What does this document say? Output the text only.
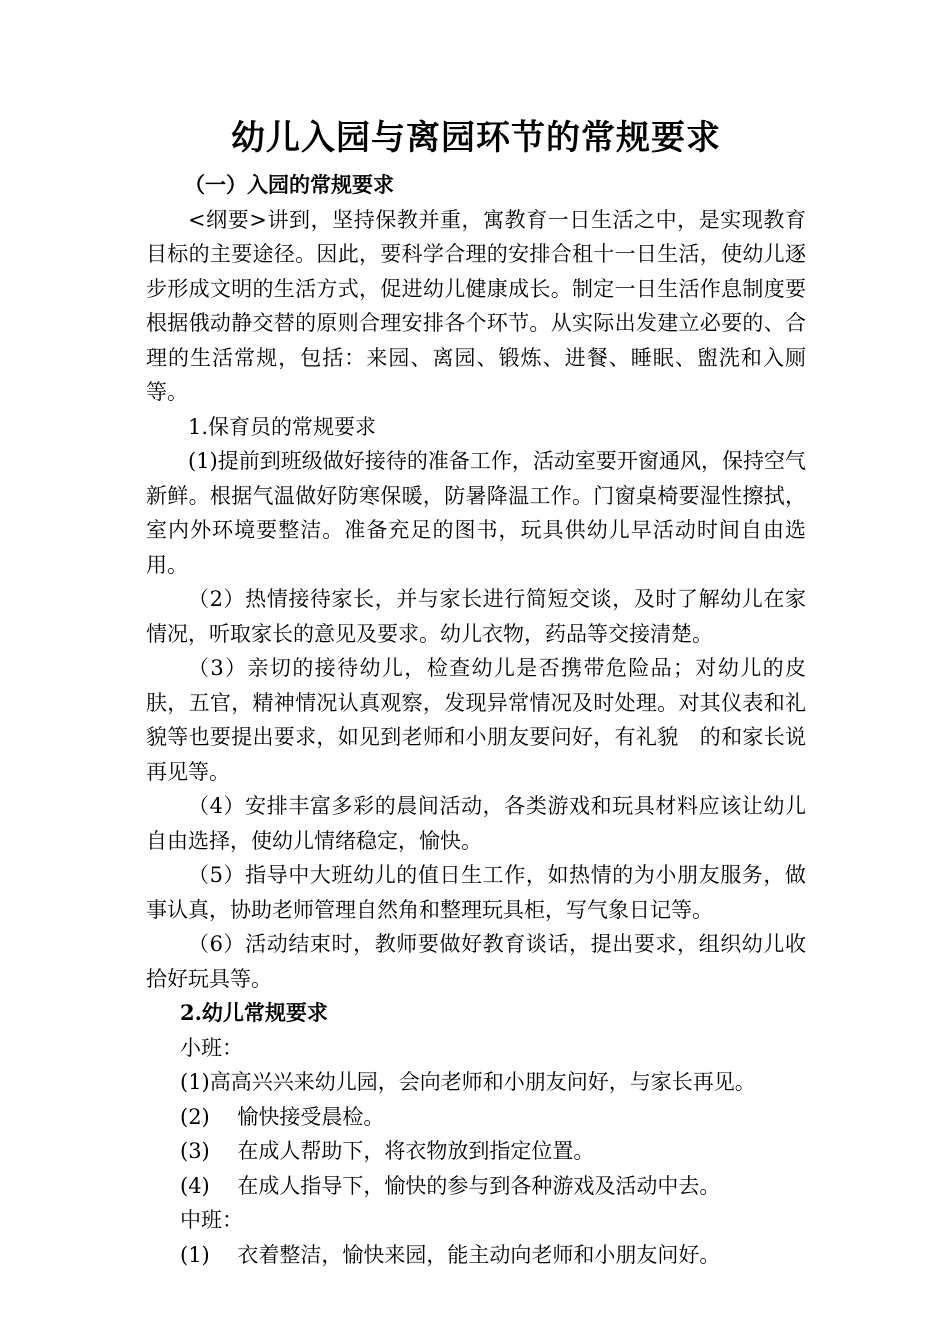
幼儿入园与离园环节的常规要求
（一）入园的常规要求

<纲要>讲到，坚持保教并重，寓教育一日生活之中，是实现教育目标的主要途径。因此，要科学合理的安排合租十一日生活，使幼儿逐步形成文明的生活方式，促进幼儿健康成长。制定一日生活作息制度要根据俄动静交替的原则合理安排各个环节。从实际出发建立必要的、合理的生活常规，包括：来园、离园、锻炼、进餐、睡眠、盥洗和入厕等。

1.保育员的常规要求

(1)提前到班级做好接待的准备工作，活动室要开窗通风，保持空气新鲜。根据气温做好防寒保暖，防暑降温工作。门窗桌椅要湿性擦拭，室内外环境要整洁。准备充足的图书，玩具供幼儿早活动时间自由选用。

（2）热情接待家长，并与家长进行简短交谈，及时了解幼儿在家情况，听取家长的意见及要求。幼儿衣物，药品等交接清楚。

（3）亲切的接待幼儿，检查幼儿是否携带危险品；对幼儿的皮肤，五官，精神情况认真观察，发现异常情况及时处理。对其仪表和礼貌等也要提出要求，如见到老师和小朋友要问好，有礼貌　的和家长说再见等。

（4）安排丰富多彩的晨间活动，各类游戏和玩具材料应该让幼儿自由选择，使幼儿情绪稳定，愉快。

（5）指导中大班幼儿的值日生工作，如热情的为小朋友服务，做事认真，协助老师管理自然角和整理玩具柜，写气象日记等。

（6）活动结束时，教师要做好教育谈话，提出要求，组织幼儿收拾好玩具等。

2.幼儿常规要求

小班：

(1)高高兴兴来幼儿园，会向老师和小朋友问好，与家长再见。

(2)　 愉快接受晨检。

(3)　 在成人帮助下，将衣物放到指定位置。

(4)　 在成人指导下，愉快的参与到各种游戏及活动中去。

中班：

(1)　 衣着整洁，愉快来园，能主动向老师和小朋友问好。
